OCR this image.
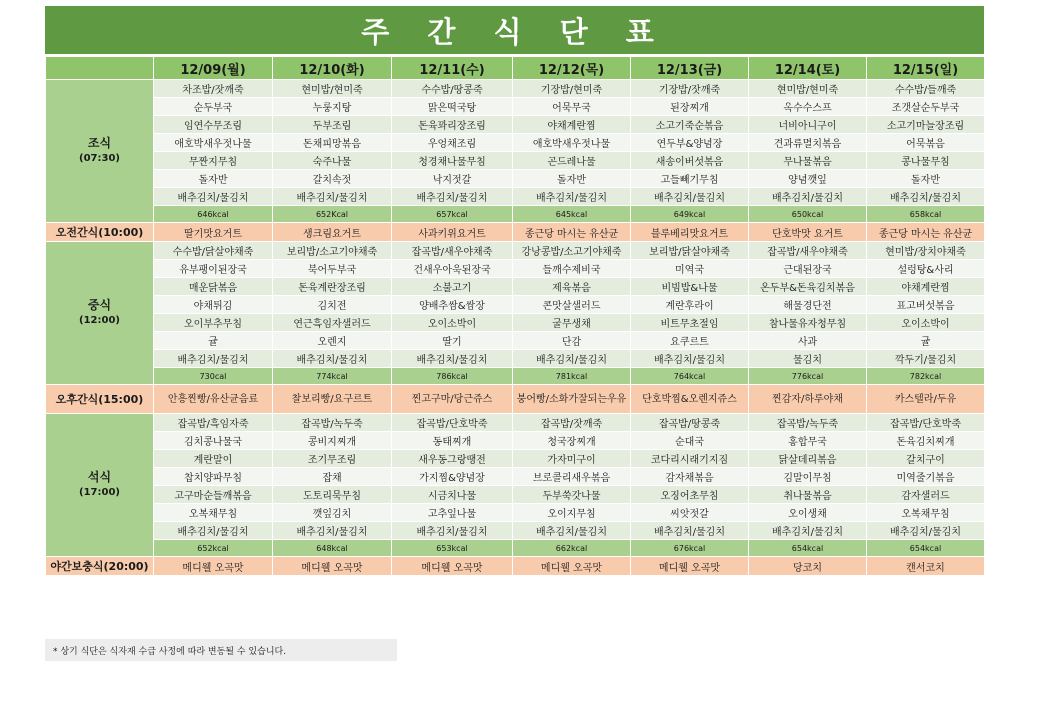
주 간 식 단 표
	12/09(월)	12/10(화)	12/11(수)	12/12(목)	12/13(금)	12/14(토)	12/15(일)

조식
(07:30)	차조밥/잣깨죽	현미밥/현미죽	수수밥/땅콩죽	기장밥/현미죽	기장밥/잣깨죽	현미밥/현미죽	수수밥/들깨죽
	순두부국	누룽지탕	맑은떡국탕	어묵무국	된장찌개	옥수수스프	조갯살순두부국
	임연수무조림	두부조림	돈육꽈리장조림	야채계란찜	소고기죽순볶음	너비아니구이	소고기마늘장조림
	애호박새우젓나물	돈채피망볶음	우엉채조림	애호박새우젓나물	연두부&양념장	견과류멸치볶음	어묵볶음
	무짠지무침	숙주나물	청경채나물무침	곤드레나물	새송이버섯볶음	무나물볶음	콩나물무침
	돌자반	갈치속젓	낙지젓갈	돌자반	고들빼기무침	양념깻잎	돌자반
	배추김치/물김치	배추김치/물김치	배추김치/물김치	배추김치/물김치	배추김치/물김치	배추김치/물김치	배추김치/물김치
	646kcal	652Kcal	657kcal	645kcal	649kcal	650kcal	658kcal
오전간식(10:00)	딸기맛요거트	생크림요거트	사과키위요거트	종근당 마시는 유산균	블루베리맛요거트	단호박맛 요거트	종근당 마시는 유산균

중식
(12:00)	수수밥/닭살야채죽	보리밥/소고기야채죽	잡곡밥/새우야채죽	강낭콩밥/소고기야채죽	보리밥/닭살야채죽	잡곡밥/새우야채죽	현미밥/장치야채죽
	유부팽이된장국	북어두부국	건새우아욱된장국	들깨수제비국	미역국	근대된장국	설렁탕&사리
	매운닭볶음	돈육계란장조림	소불고기	제육볶음	비빔밥&나물	온두부&돈육김치볶음	야채계란찜
	야채튀김	김치전	양배추쌈&쌈장	콘맛살샐러드	계란후라이	해물경단전	표고버섯볶음
	오이부추무침	연근흑임자샐러드	오이소박이	굴무생채	비트무초절임	참나물유자청무침	오이소박이
	귤	오렌지	딸기	단감	요쿠르트	사과	귤
	배추김치/물김치	배추김치/물김치	배추김치/물김치	배추김치/물김치	배추김치/물김치	물김치	깍두기/물김치
	730cal	774kcal	786kcal	781kcal	764kcal	776kcal	782kcal
오후간식(15:00)	안흥찐빵/유산균음료	찰보리빵/요구르트	찐고구마/당근쥬스	붕어빵/소화가잘되는우유	단호박찜&오렌지쥬스	찐감자/하루야채	카스텔라/두유

석식
(17:00)	잡곡밥/흑임자죽	잡곡밥/녹두죽	잡곡밥/단호박죽	잡곡밥/잣깨죽	잡곡밥/땅콩죽	잡곡밥/녹두죽	잡곡밥/단호박죽
	김치콩나물국	콩비지찌개	동태찌개	청국장찌개	순대국	홍합무국	돈육김치찌개
	계란말이	조기무조림	새우동그랑땡전	가자미구이	코다리시래기지짐	닭살데리볶음	갈치구이
	찹치양파무침	잡채	가지찜&양념장	브로콜리새우볶음	감자채볶음	김말이무침	미역줄기볶음
	고구마순들깨볶음	도토리묵무침	시금치나물	두부쑥갓나물	오징어초무침	취나물볶음	감자샐러드
	오복채무침	깻잎김치	고추잎나물	오이지무침	씨앗젓갈	오이생채	오복채무침
	배추김치/물김치	배추김치/물김치	배추김치/물김치	배추김치/물김치	배추김치/물김치	배추김치/물김치	배추김치/물김치
	652kcal	648kcal	653kcal	662kcal	676kcal	654kcal	654kcal
야간보충식(20:00)	메디웰 오곡맛	메디웰 오곡맛	메디웰 오곡맛	메디웰 오곡맛	메디웰 오곡맛	당코치	캔서코치
* 상기 식단은 식자재 수급 사정에 따라 변동될 수 있습니다.
